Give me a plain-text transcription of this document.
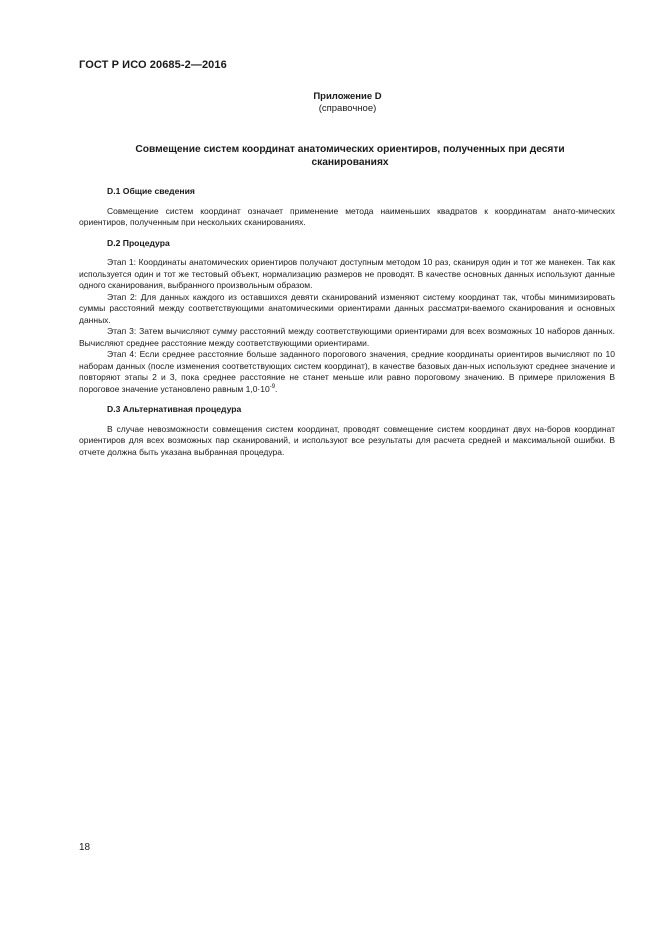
ГОСТ Р ИСО 20685-2—2016
Приложение D
(справочное)
Совмещение систем координат анатомических ориентиров, полученных при десяти сканированиях
D.1 Общие сведения

Совмещение систем координат означает применение метода наименьших квадратов к координатам анато-мических ориентиров, полученным при нескольких сканированиях.

D.2 Процедура

Этап 1: Координаты анатомических ориентиров получают доступным методом 10 раз, сканируя один и тот же манекен. Так как используется один и тот же тестовый объект, нормализацию размеров не проводят. В качестве основных данных используют данные одного сканирования, выбранного произвольным образом.

Этап 2: Для данных каждого из оставшихся девяти сканирований изменяют систему координат так, чтобы минимизировать суммы расстояний между соответствующими анатомическими ориентирами данных рассматри-ваемого сканирования и основных данных.

Этап 3: Затем вычисляют сумму расстояний между соответствующими ориентирами для всех возможных 10 наборов данных. Вычисляют среднее расстояние между соответствующими ориентирами.

Этап 4: Если среднее расстояние больше заданного порогового значения, средние координаты ориентиров вычисляют по 10 наборам данных (после изменения соответствующих систем координат), в качестве базовых дан-ных используют среднее значение и повторяют этапы 2 и 3, пока среднее расстояние не станет меньше или равно пороговому значению. В примере приложения В пороговое значение установлено равным $1,0\cdot 10^{-9}$.

D.3 Альтернативная процедура

В случае невозможности совмещения систем координат, проводят совмещение систем координат двух на-боров координат ориентиров для всех возможных пар сканирований, и используют все результаты для расчета средней и максимальной ошибки. В отчете должна быть указана выбранная процедура.

18
